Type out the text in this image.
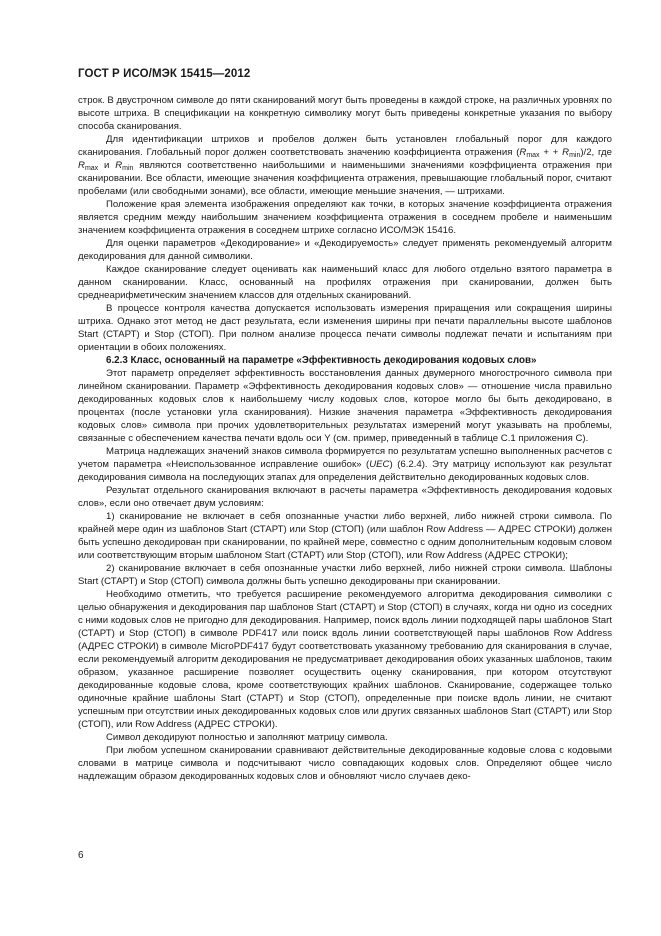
ГОСТ Р ИСО/МЭК 15415—2012

строк. В двустрочном символе до пяти сканирований могут быть проведены в каждой строке, на различных уровнях по высоте штриха. В спецификации на конкретную символику могут быть приведены конкретные указания по выбору способа сканирования.

Для идентификации штрихов и пробелов должен быть установлен глобальный порог для каждого сканирования. Глобальный порог должен соответствовать значению коэффициента отражения ($R_{max}$ + + $R_{min})/2$, где $R_{max}$ и $R_{min}$ являются соответственно наибольшими и наименьшими значениями коэффициента отражения при сканировании. Все области, имеющие значения коэффициента отражения, превышающие глобальный порог, считают пробелами (или свободными зонами), все области, имеющие меньшие значения, — штрихами.

Положение края элемента изображения определяют как точки, в которых значение коэффициента отражения является средним между наибольшим значением коэффициента отражения в соседнем пробеле и наименьшим значением коэффициента отражения в соседнем штрихе согласно ИСО/МЭК 15416.

Для оценки параметров «Декодирование» и «Декодируемость» следует применять рекомендуемый алгоритм декодирования для данной символики.

Каждое сканирование следует оценивать как наименьший класс для любого отдельно взятого параметра в данном сканировании. Класс, основанный на профилях отражения при сканировании, должен быть среднеарифметическим значением классов для отдельных сканирований.

В процессе контроля качества допускается использовать измерения приращения или сокращения ширины штриха. Однако этот метод не даст результата, если изменения ширины при печати параллельны высоте шаблонов Start (СТАРТ) и Stop (СТОП). При полном анализе процесса печати символы подлежат печати и испытаниям при ориентации в обоих положениях.

6.2.3 Класс, основанный на параметре «Эффективность декодирования кодовых слов»

Этот параметр определяет эффективность восстановления данных двумерного многострочного символа при линейном сканировании. Параметр «Эффективность декодирования кодовых слов» — отношение числа правильно декодированных кодовых слов к наибольшему числу кодовых слов, которое могло бы быть декодировано, в процентах (после установки угла сканирования). Низкие значения параметра «Эффективность декодирования кодовых слов» символа при прочих удовлетворительных результатах измерений могут указывать на проблемы, связанные с обеспечением качества печати вдоль оси Y (см. пример, приведенный в таблице С.1 приложения С).

Матрица надлежащих значений знаков символа формируется по результатам успешно выполненных расчетов с учетом параметра «Неиспользованное исправление ошибок» (UEC) (6.2.4). Эту матрицу используют как результат декодирования символа на последующих этапах для определения действительно декодированных кодовых слов.

Результат отдельного сканирования включают в расчеты параметра «Эффективность декодирования кодовых слов», если оно отвечает двум условиям:

1) сканирование не включает в себя опознанные участки либо верхней, либо нижней строки символа. По крайней мере один из шаблонов Start (СТАРТ) или Stop (СТОП) (или шаблон Row Address — АДРЕС СТРОКИ) должен быть успешно декодирован при сканировании, по крайней мере, совместно с одним дополнительным кодовым словом или соответствующим вторым шаблоном Start (СТАРТ) или Stop (СТОП), или Row Address (АДРЕС СТРОКИ);

2) сканирование включает в себя опознанные участки либо верхней, либо нижней строки символа. Шаблоны Start (СТАРТ) и Stop (СТОП) символа должны быть успешно декодированы при сканировании.

Необходимо отметить, что требуется расширение рекомендуемого алгоритма декодирования символики с целью обнаружения и декодирования пар шаблонов Start (СТАРТ) и Stop (СТОП) в случаях, когда ни одно из соседних с ними кодовых слов не пригодно для декодирования. Например, поиск вдоль линии подходящей пары шаблонов Start (СТАРТ) и Stop (СТОП) в символе PDF417 или поиск вдоль линии соответствующей пары шаблонов Row Address (АДРЕС СТРОКИ) в символе MicroPDF417 будут соответствовать указанному требованию для сканирования в случае, если рекомендуемый алгоритм декодирования не предусматривает декодирования обоих указанных шаблонов, таким образом, указанное расширение позволяет осуществить оценку сканирования, при котором отсутствуют декодированные кодовые слова, кроме соответствующих крайних шаблонов. Сканирование, содержащее только одиночные крайние шаблоны Start (СТАРТ) и Stop (СТОП), определенные при поиске вдоль линии, не считают успешным при отсутствии иных декодированных кодовых слов или других связанных шаблонов Start (СТАРТ) или Stop (СТОП), или Row Address (АДРЕС СТРОКИ).

Символ декодируют полностью и заполняют матрицу символа.

При любом успешном сканировании сравнивают действительные декодированные кодовые слова с кодовыми словами в матрице символа и подсчитывают число совпадающих кодовых слов. Определяют общее число надлежащим образом декодированных кодовых слов и обновляют число случаев деко-

6
